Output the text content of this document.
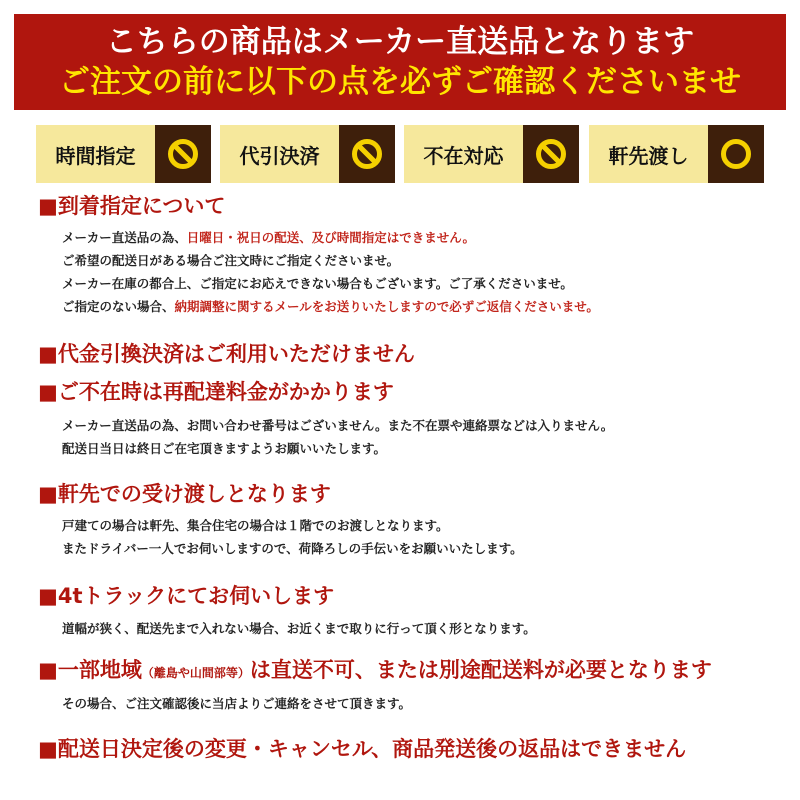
こちらの商品はメーカー直送品となります
ご注文の前に以下の点を必ずご確認くださいませ
時間指定	代引決済	不在対応	軒先渡し
■到着指定について
メーカー直送品の為、日曜日・祝日の配送、及び時間指定はできません。
ご希望の配送日がある場合ご注文時にご指定くださいませ。
メーカー在庫の都合上、ご指定にお応えできない場合もございます。ご了承くださいませ。
ご指定のない場合、納期調整に関するメールをお送りいたしますので必ずご返信くださいませ。
■代金引換決済はご利用いただけません
■ご不在時は再配達料金がかかります
メーカー直送品の為、お問い合わせ番号はございません。また不在票や連絡票などは入りません。
配送日当日は終日ご在宅頂きますようお願いいたします。
■軒先での受け渡しとなります
戸建ての場合は軒先、集合住宅の場合は１階でのお渡しとなります。
またドライバー一人でお伺いしますので、荷降ろしの手伝いをお願いいたします。
■4tトラックにてお伺いします
道幅が狭く、配送先まで入れない場合、お近くまで取りに行って頂く形となります。
■一部地域（離島や山間部等）は直送不可、または別途配送料が必要となります
その場合、ご注文確認後に当店よりご連絡をさせて頂きます。
■配送日決定後の変更・キャンセル、商品発送後の返品はできません
